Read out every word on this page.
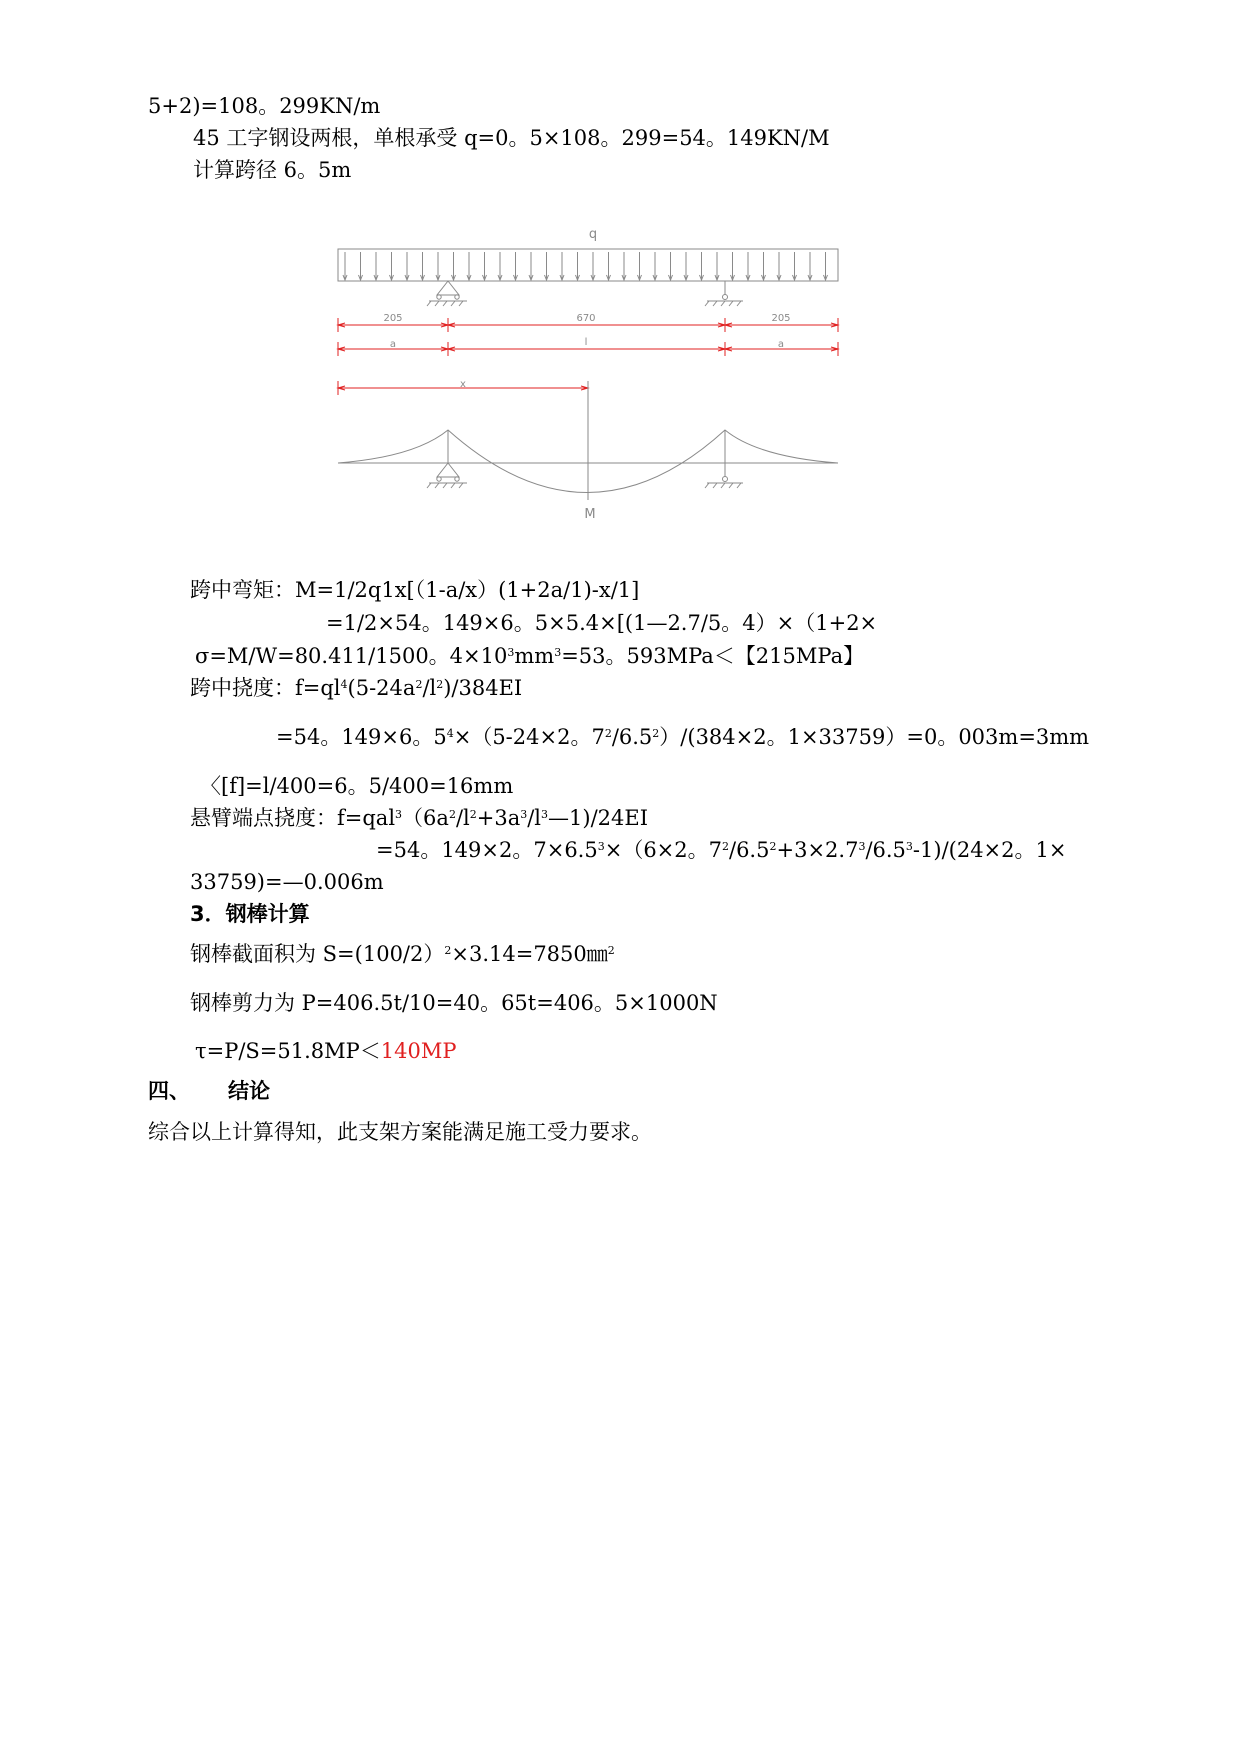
5+2)=108。299KN/m
45 工字钢设两根，单根承受 q=0。5×108。299=54。149KN/M
计算跨径 6。5m
q
205	670	205
a	l	a
x
M
跨中弯矩：M=1/2q1x[（1-a/x）(1+2a/1)-x/1]
=1/2×54。149×6。5×5.4×[(1—2.7/5。4）×（1+2×
σ=M/W=80.411/1500。$4\times 10^3mm^3=53$。593MPa＜【215MPa】
跨中挠度：$f=ql^4(5-24a^2/l^2)/384EI$
=54。149×6。$5^4\times(5-24\times 2$。$7^2/6.5^2)/(384\times 2$。1×33759）=0。003m=3mm
〈[f]=l/400=6。5/400=16mm
悬臂端点挠度：$f=qal^3(6a^2/l^2+3a^3/l^3—1)/24EI$
=54。149×2。$7\times 6.5^3\times(6\times 2$。$7^2/6.5^2+3\times 2.7^3/6.5^3-1)/(24\times 2$。1×
33759)=—0.006m
3．钢棒计算
钢棒截面积为 S=(100/2）$^2$×3.14=7850㎜$^2$
钢棒剪力为 P=406.5t/10=40。65t=406。5×1000N
τ=P/S=51.8MP＜140MP
四、 结论
综合以上计算得知，此支架方案能满足施工受力要求。
